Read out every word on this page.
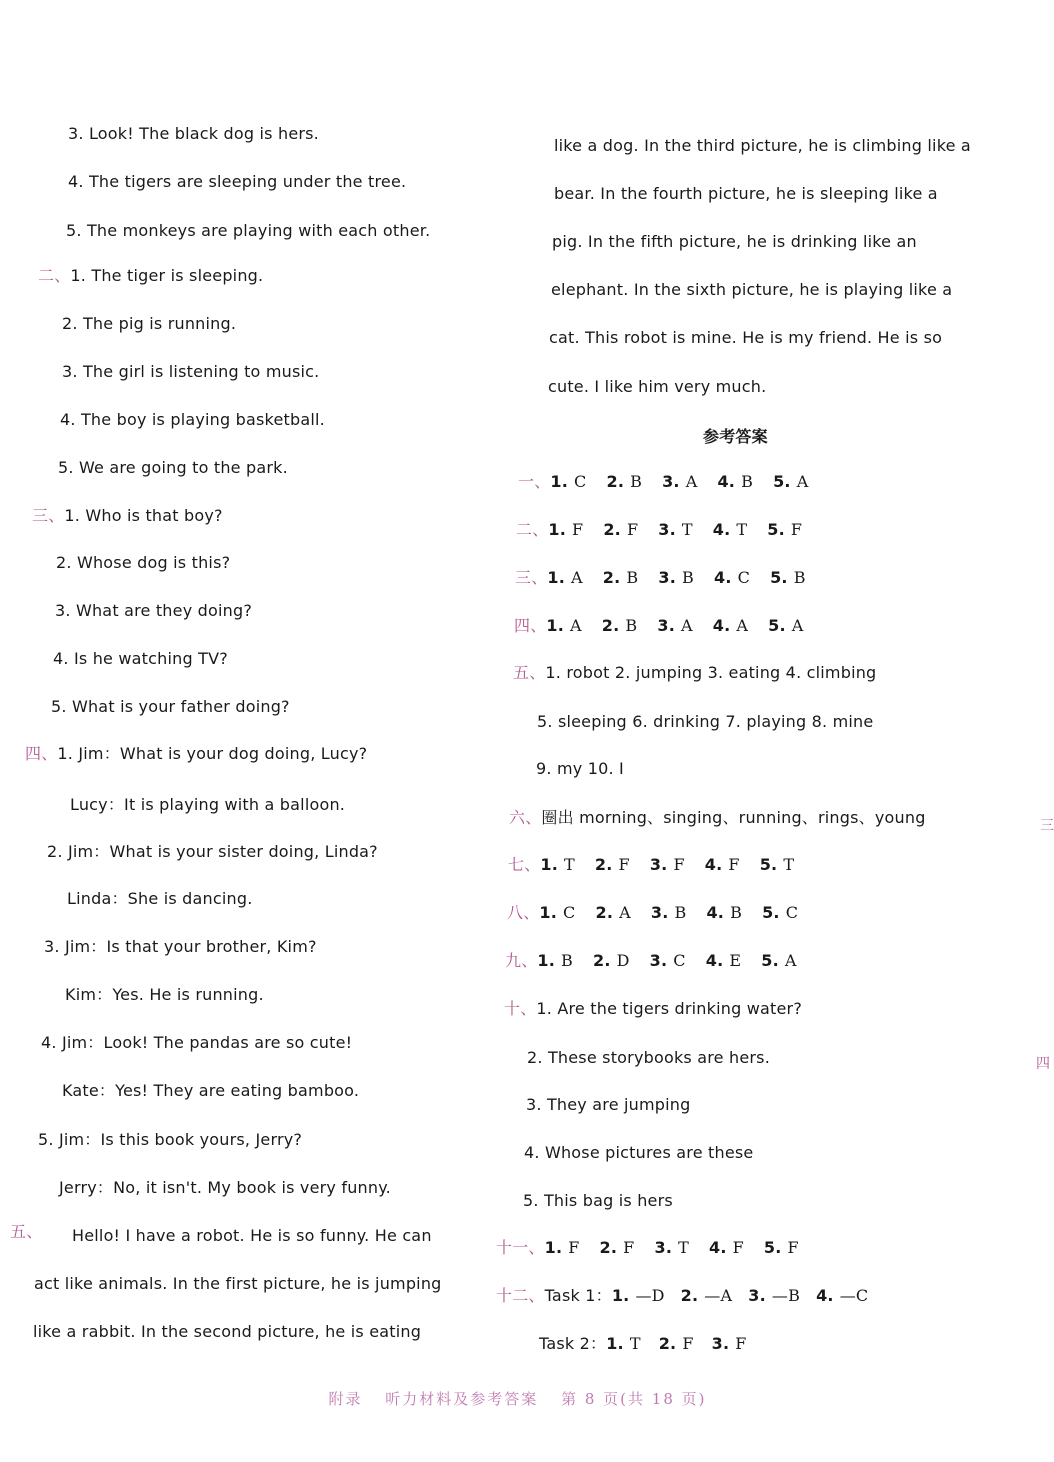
3. Look! The black dog is hers.
4. The tigers are sleeping under the tree.
5. The monkeys are playing with each other.
二、1. The tiger is sleeping.
2. The pig is running.
3. The girl is listening to music.
4. The boy is playing basketball.
5. We are going to the park.
三、1. Who is that boy?
2. Whose dog is this?
3. What are they doing?
4. Is he watching TV?
5. What is your father doing?
四、1. Jim：What is your dog doing, Lucy?
Lucy：It is playing with a balloon.
2. Jim：What is your sister doing, Linda?
Linda：She is dancing.
3. Jim：Is that your brother, Kim?
Kim：Yes. He is running.
4. Jim：Look! The pandas are so cute!
Kate：Yes! They are eating bamboo.
5. Jim：Is this book yours, Jerry?
Jerry：No, it isn't. My book is very funny.
五、 Hello! I have a robot. He is so funny. He can
act like animals. In the first picture, he is jumping
like a rabbit. In the second picture, he is eating
like a dog. In the third picture, he is climbing like a
bear. In the fourth picture, he is sleeping like a
pig. In the fifth picture, he is drinking like an
elephant. In the sixth picture, he is playing like a
cat. This robot is mine. He is my friend. He is so
cute. I like him very much.
参考答案
一、1. C 2. B 3. A 4. B 5. A
二、1. F 2. F 3. T 4. T 5. F
三、1. A 2. B 3. B 4. C 5. B
四、1. A 2. B 3. A 4. A 5. A
五、1. robot 2. jumping 3. eating 4. climbing
5. sleeping 6. drinking 7. playing 8. mine
9. my 10. I
六、圈出 morning、singing、running、rings、young
七、1. T 2. F 3. F 4. F 5. T
八、1. C 2. A 3. B 4. B 5. C
九、1. B 2. D 3. C 4. E 5. A
十、1. Are the tigers drinking water?
2. These storybooks are hers.
3. They are jumping
4. Whose pictures are these
5. This bag is hers
十一、1. F 2. F 3. T 4. F 5. F
十二、Task 1：1. —D 2. —A 3. —B 4. —C
Task 2：1. T 2. F 3. F
三
四
附录 听力材料及参考答案 第 8 页(共 18 页)
